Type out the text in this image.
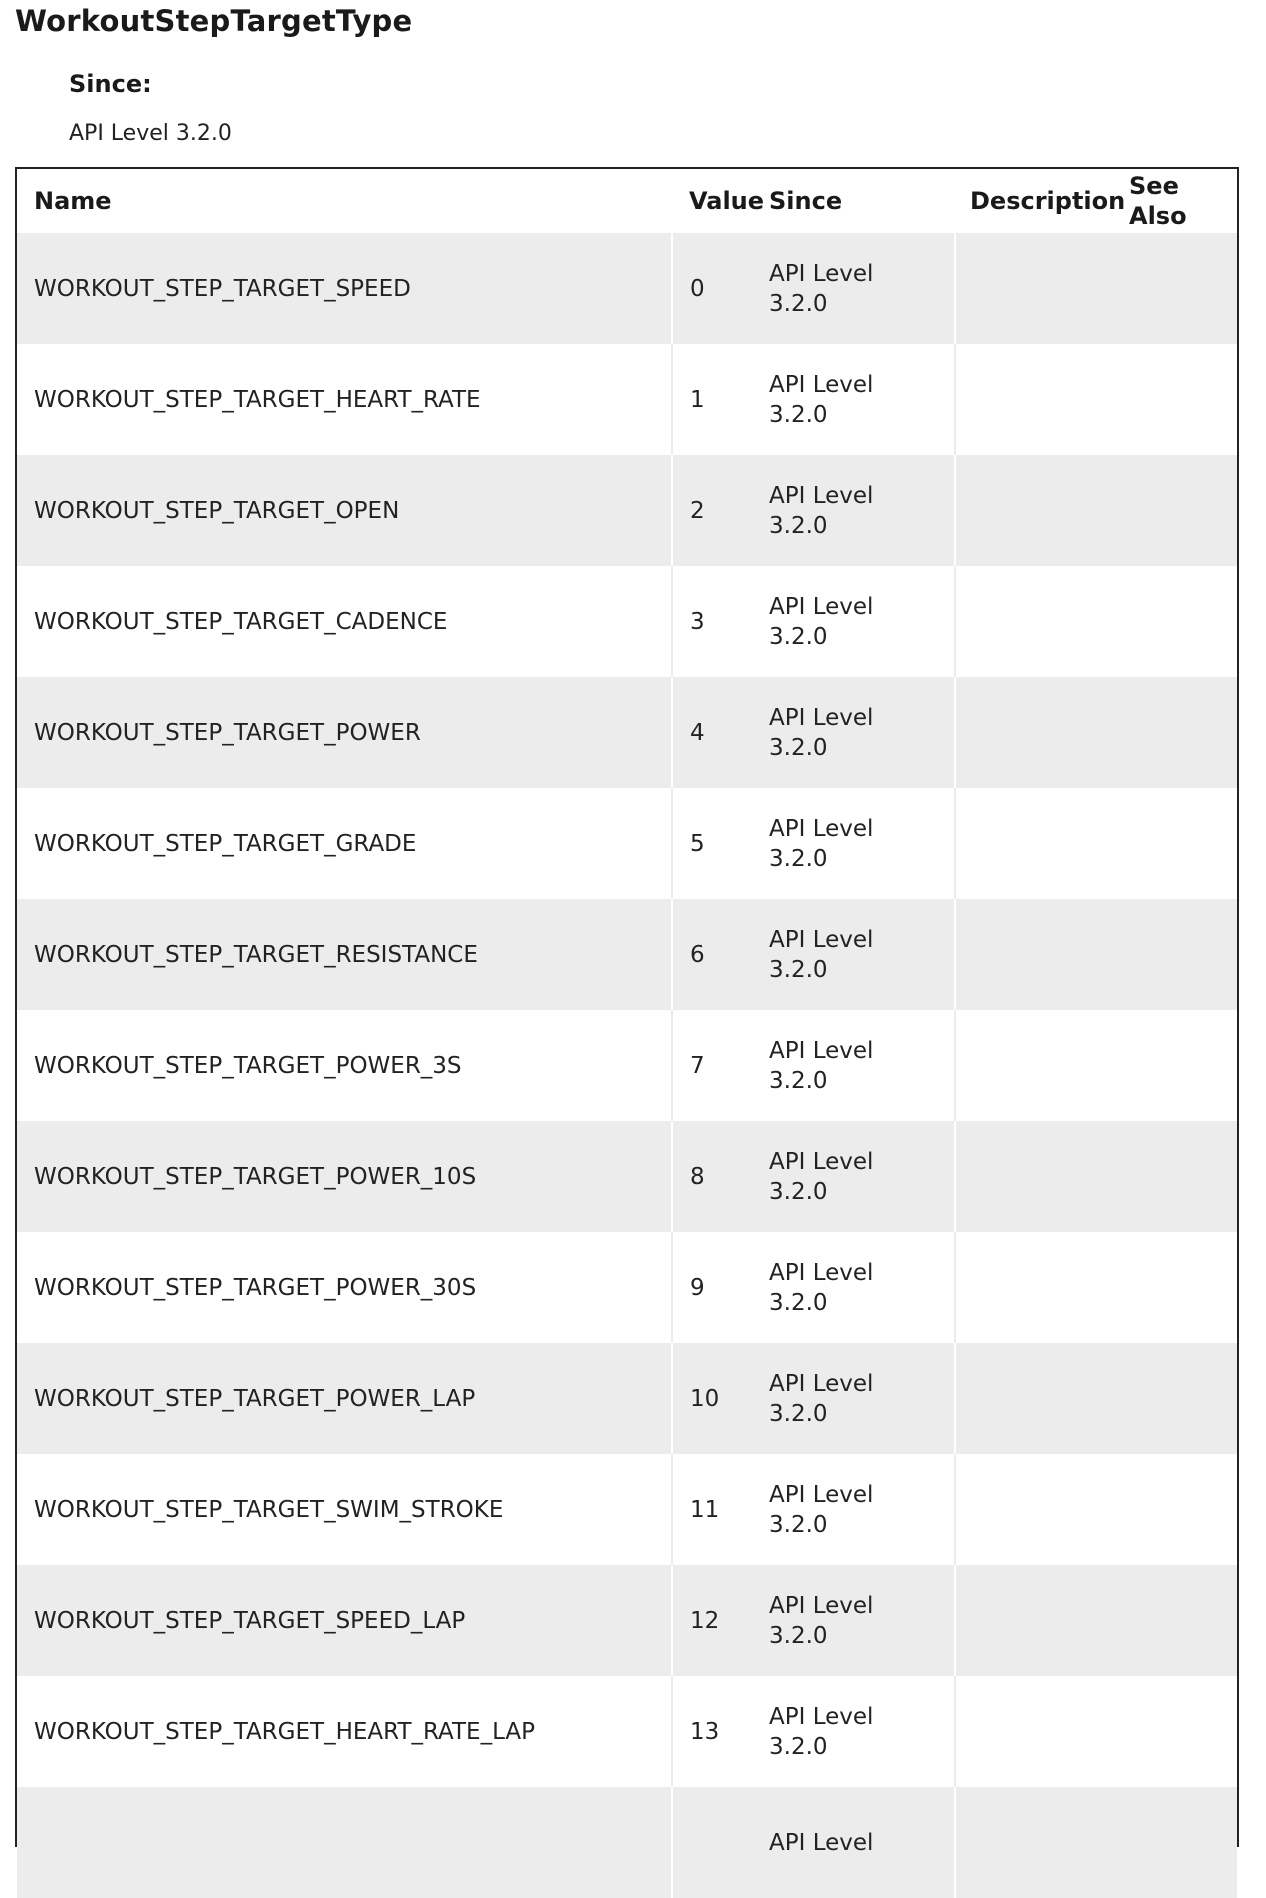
WorkoutStepTargetType

Since:

API Level 3.2.0

Name	Value	Since	Description	See Also
WORKOUT_STEP_TARGET_SPEED	0	API Level
3.2.0		

WORKOUT_STEP_TARGET_HEART_RATE	1	API Level
3.2.0		

WORKOUT_STEP_TARGET_OPEN	2	API Level
3.2.0		

WORKOUT_STEP_TARGET_CADENCE	3	API Level
3.2.0		

WORKOUT_STEP_TARGET_POWER	4	API Level
3.2.0		

WORKOUT_STEP_TARGET_GRADE	5	API Level
3.2.0		

WORKOUT_STEP_TARGET_RESISTANCE	6	API Level
3.2.0		

WORKOUT_STEP_TARGET_POWER_3S	7	API Level
3.2.0		

WORKOUT_STEP_TARGET_POWER_10S	8	API Level
3.2.0		

WORKOUT_STEP_TARGET_POWER_30S	9	API Level
3.2.0		

WORKOUT_STEP_TARGET_POWER_LAP	10	API Level
3.2.0		

WORKOUT_STEP_TARGET_SWIM_STROKE	11	API Level
3.2.0		

WORKOUT_STEP_TARGET_SPEED_LAP	12	API Level
3.2.0		

WORKOUT_STEP_TARGET_HEART_RATE_LAP	13	API Level
3.2.0		

		API Level		
